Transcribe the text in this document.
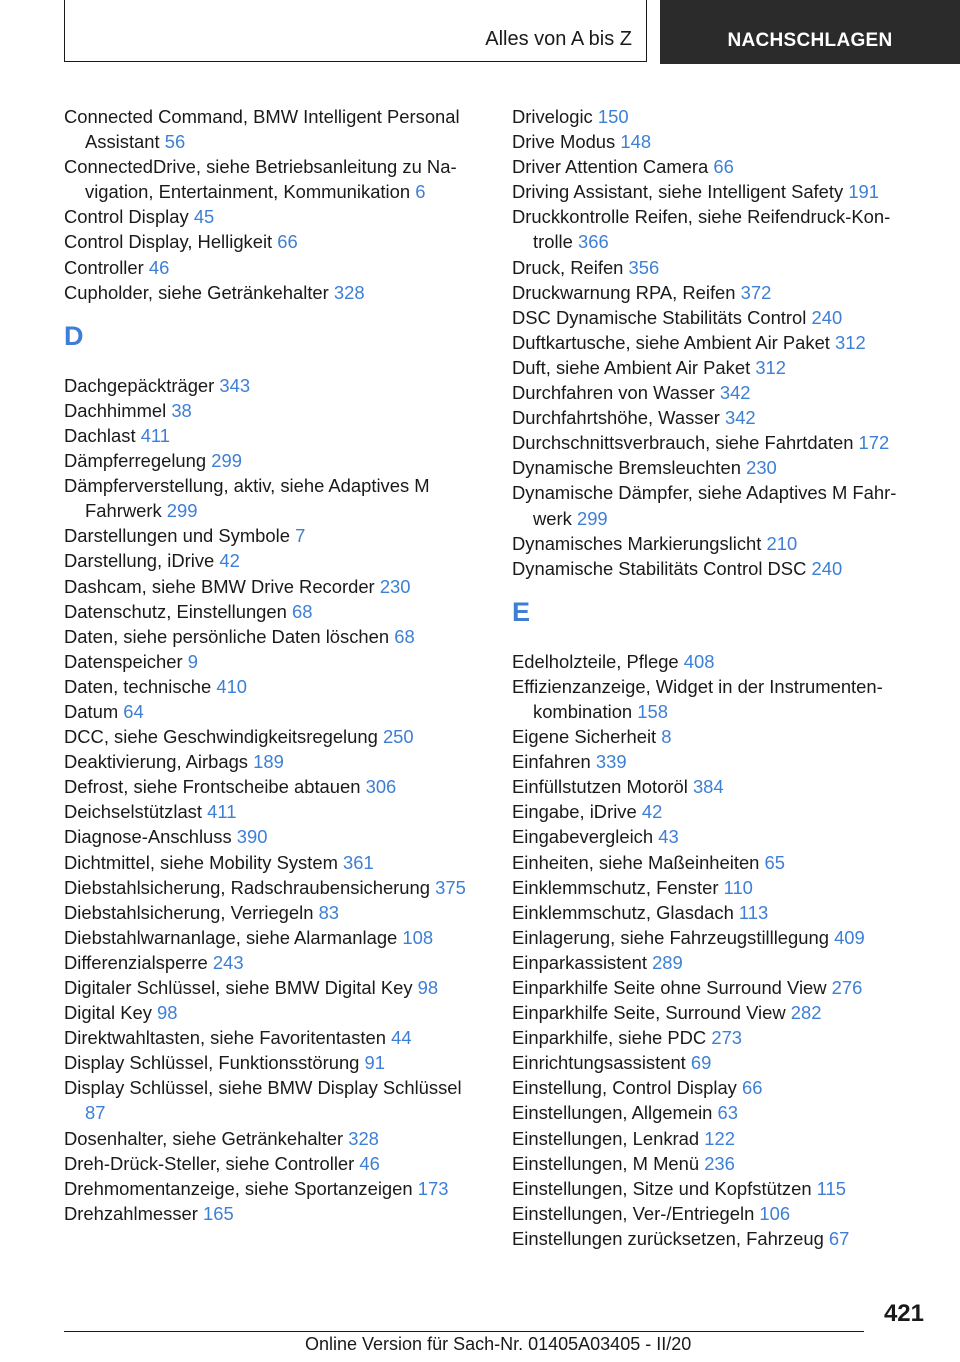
Alles von A bis Z	NACHSCHLAGEN
Connected Command, BMW Intelligent Personal Assistant 56
ConnectedDrive, siehe Betriebsanleitung zu Navigation, Entertainment, Kommunikation 6
Control Display 45
Control Display, Helligkeit 66
Controller 46
Cupholder, siehe Getränkehalter 328
D
Dachgepäckträger 343
Dachhimmel 38
Dachlast 411
Dämpferregelung 299
Dämpferverstellung, aktiv, siehe Adaptives M Fahrwerk 299
Darstellungen und Symbole 7
Darstellung, iDrive 42
Dashcam, siehe BMW Drive Recorder 230
Datenschutz, Einstellungen 68
Daten, siehe persönliche Daten löschen 68
Datenspeicher 9
Daten, technische 410
Datum 64
DCC, siehe Geschwindigkeitsregelung 250
Deaktivierung, Airbags 189
Defrost, siehe Frontscheibe abtauen 306
Deichselstützlast 411
Diagnose-Anschluss 390
Dichtmittel, siehe Mobility System 361
Diebstahlsicherung, Radschraubensicherung 375
Diebstahlsicherung, Verriegeln 83
Diebstahlwarnanlage, siehe Alarmanlage 108
Differenzialsperre 243
Digitaler Schlüssel, siehe BMW Digital Key 98
Digital Key 98
Direktwahltasten, siehe Favoritentasten 44
Display Schlüssel, Funktionsstörung 91
Display Schlüssel, siehe BMW Display Schlüssel 87
Dosenhalter, siehe Getränkehalter 328
Dreh-Drück-Steller, siehe Controller 46
Drehmomentanzeige, siehe Sportanzeigen 173
Drehzahlmesser 165
Drivelogic 150
Drive Modus 148
Driver Attention Camera 66
Driving Assistant, siehe Intelligent Safety 191
Druckkontrolle Reifen, siehe Reifendruck-Kontrolle 366
Druck, Reifen 356
Druckwarnung RPA, Reifen 372
DSC Dynamische Stabilitäts Control 240
Duftkartusche, siehe Ambient Air Paket 312
Duft, siehe Ambient Air Paket 312
Durchfahren von Wasser 342
Durchfahrtshöhe, Wasser 342
Durchschnittsverbrauch, siehe Fahrtdaten 172
Dynamische Bremsleuchten 230
Dynamische Dämpfer, siehe Adaptives M Fahrwerk 299
Dynamisches Markierungslicht 210
Dynamische Stabilitäts Control DSC 240
E
Edelholzteile, Pflege 408
Effizienzanzeige, Widget in der Instrumentenkombination 158
Eigene Sicherheit 8
Einfahren 339
Einfüllstutzen Motoröl 384
Eingabe, iDrive 42
Eingabevergleich 43
Einheiten, siehe Maßeinheiten 65
Einklemmschutz, Fenster 110
Einklemmschutz, Glasdach 113
Einlagerung, siehe Fahrzeugstilllegung 409
Einparkassistent 289
Einparkhilfe Seite ohne Surround View 276
Einparkhilfe Seite, Surround View 282
Einparkhilfe, siehe PDC 273
Einrichtungsassistent 69
Einstellung, Control Display 66
Einstellungen, Allgemein 63
Einstellungen, Lenkrad 122
Einstellungen, M Menü 236
Einstellungen, Sitze und Kopfstützen 115
Einstellungen, Ver-/Entriegeln 106
Einstellungen zurücksetzen, Fahrzeug 67
421
Online Version für Sach-Nr. 01405A03405 - II/20
